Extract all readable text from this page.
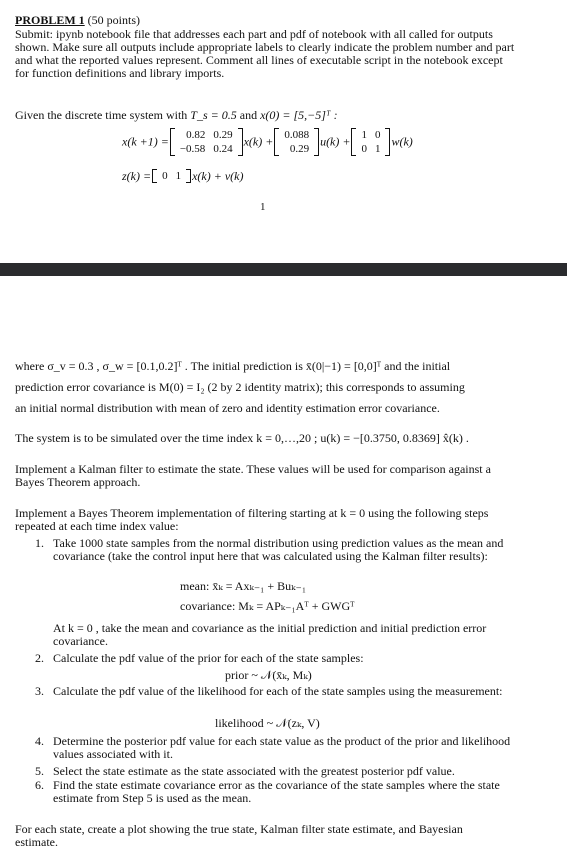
PROBLEM 1 (50 points)

Submit: ipynb notebook file that addresses each part and pdf of notebook with all called for outputs shown. Make sure all outputs include appropriate labels to clearly indicate the problem number and part and what the reported values represent. Comment all lines of executable script in the notebook except for function definitions and library imports.

Given the discrete time system with T_s = 0.5 and x(0) = [5,−5]ᵀ :

x(k +1) = 0.82	0.29
−0.58	0.24
x(k) + 0.088
0.29
u(k) + 1	0
0	1
w(k)
z(k) = 0	1 x(k) + v(k)
1

where σ_v = 0.3 , σ_w = [0.1,0.2]ᵀ . The initial prediction is x̄(0|−1) = [0,0]ᵀ and the initial

prediction error covariance is M(0) = I₂ (2 by 2 identity matrix); this corresponds to assuming

an initial normal distribution with mean of zero and identity estimation error covariance.

The system is to be simulated over the time index k = 0,…,20 ; u(k) = −[0.3750, 0.8369] x̂(k) .

Implement a Kalman filter to estimate the state. These values will be used for comparison against a Bayes Theorem approach.

Implement a Bayes Theorem implementation of filtering starting at k = 0 using the following steps repeated at each time index value:

1. Take 1000 state samples from the normal distribution using prediction values as the mean and covariance (take the control input here that was calculated using the Kalman filter results):
mean: x̄ₖ = Axₖ₋₁ + Buₖ₋₁
covariance: Mₖ = APₖ₋₁Aᵀ + GWGᵀ
At k = 0 , take the mean and covariance as the initial prediction and initial prediction error covariance.
2. Calculate the pdf value of the prior for each of the state samples:
prior ~ 𝒩(x̄ₖ, Mₖ)
3. Calculate the pdf value of the likelihood for each of the state samples using the measurement:
likelihood ~ 𝒩(zₖ, V)
4. Determine the posterior pdf value for each state value as the product of the prior and likelihood values associated with it.
5. Select the state estimate as the state associated with the greatest posterior pdf value.
6. Find the state estimate covariance error as the covariance of the state samples where the state estimate from Step 5 is used as the mean.

For each state, create a plot showing the true state, Kalman filter state estimate, and Bayesian estimate.
